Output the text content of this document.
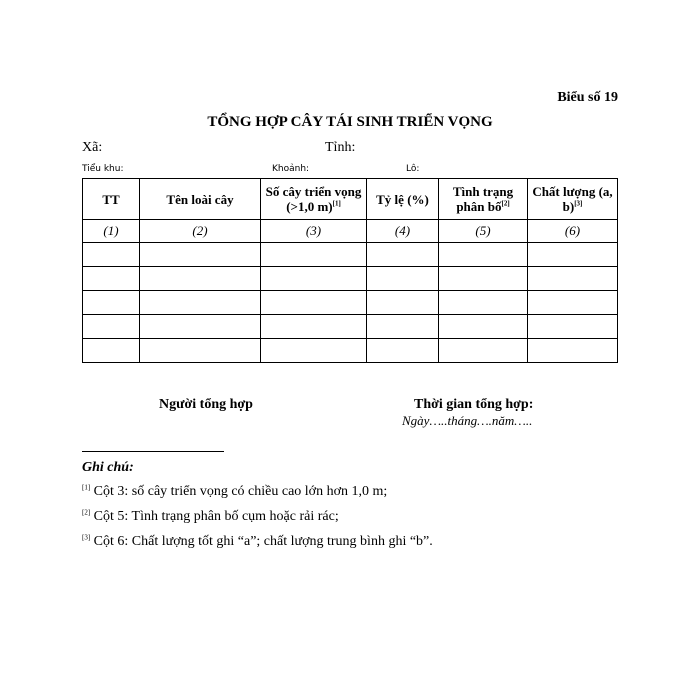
Biểu số 19
TỔNG HỢP CÂY TÁI SINH TRIỂN VỌNG
Xã:	Tỉnh:
Tiểu khu:	Khoảnh:	Lô:
TT	Tên loài cây	Số cây triển vọng (>1,0 m)[1]	Tỷ lệ (%)	Tình trạng phân bố[2]	Chất lượng (a, b)[3]
(1)	(2)	(3)	(4)	(5)	(6)

Người tổng hợp	Thời gian tổng hợp:
Ngày…..tháng….năm…..
Ghi chú:
[1] Cột 3: số cây triển vọng có chiều cao lớn hơn 1,0 m;
[2] Cột 5: Tình trạng phân bố cụm hoặc rải rác;
[3] Cột 6: Chất lượng tốt ghi “a”; chất lượng trung bình ghi “b”.
